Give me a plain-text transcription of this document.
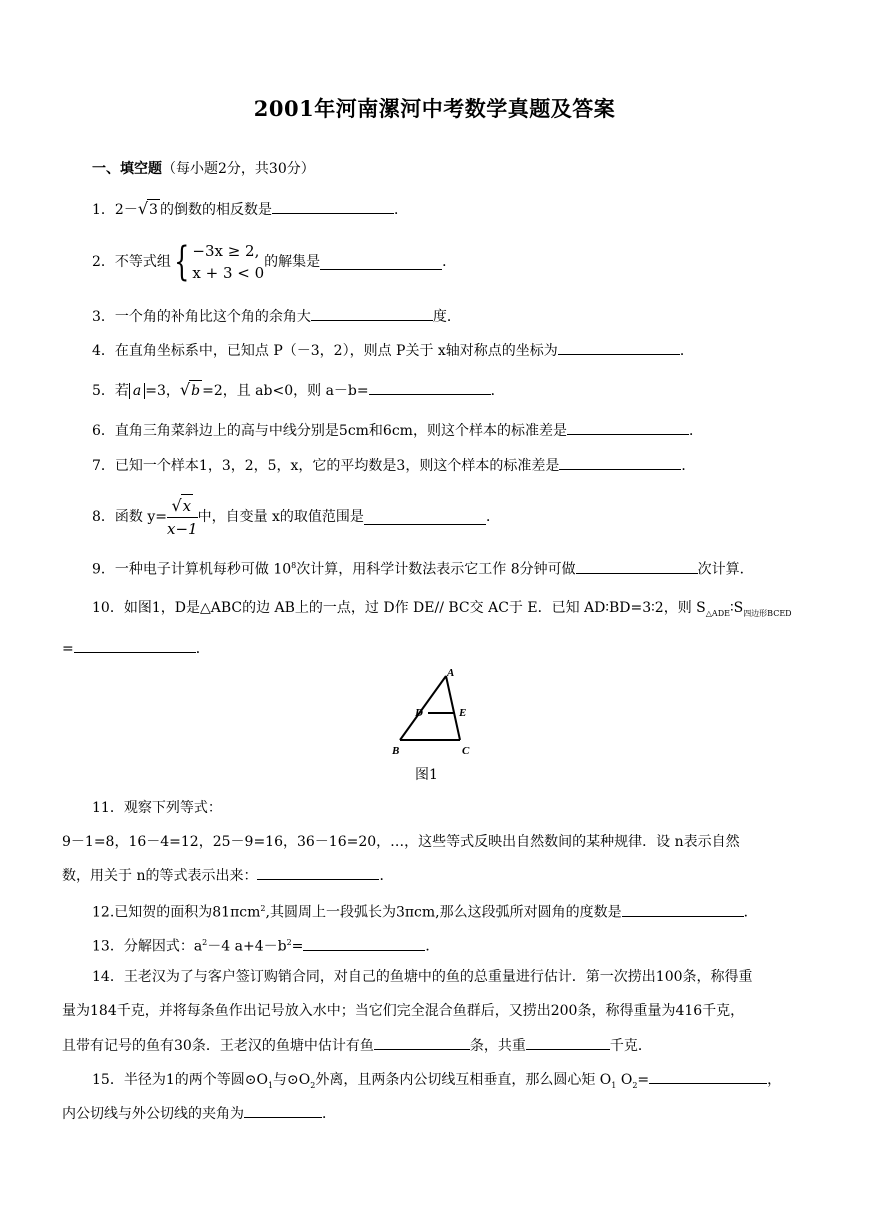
2001年河南漯河中考数学真题及答案
一、填空题（每小题2分，共30分）
1．2－√3 的倒数的相反数是	．
2．不等式组{ −3x ≥ 2,
x + 3 < 0
的解集是	．
3．一个角的补角比这个角的余角大	度．
4．在直角坐标系中，已知点 P（－3，2），则点 P关于 x轴对称点的坐标为	．
5．若 a =3，√b =2，且 ab<0，则 a－b=	．
6．直角三角菜斜边上的高与中线分别是5cm和6cm，则这个样本的标准差是	．
7．已知一个样本1，3，2，5，x，它的平均数是3，则这个样本的标准差是	．
8．函数 $y= \frac{√x}{x-1}$ 中，自变量 x的取值范围是	．
9．一种电子计算机每秒可做 $10^8$次计算，用科学计数法表示它工作 8分钟可做	次计算．
10．如图1，D是△ABC的边 AB上的一点，过 D作 DE// BC交 AC于 E．已知 AD∶BD=3∶2，则 $S_{\triangle ADE}∶S_{四边形BCED}$
=	．
A
B	C
D	E
图1
11．观察下列等式：
9－1=8，16－4=12，25－9=16，36－16=20，…，这些等式反映出自然数间的某种规律．设 n表示自然
数，用关于 n的等式表示出来：	．
12.已知贺的面积为81πcm$^2$,其圆周上一段弧长为3πcm,那么这段弧所对圆角的度数是	．
13．分解因式：$a^2-4$ $a+4-b^2=$	．
14．王老汉为了与客户签订购销合同，对自己的鱼塘中的鱼的总重量进行估计．第一次捞出100条，称得重
量为184千克，并将每条鱼作出记号放入水中；当它们完全混合鱼群后，又捞出200条，称得重量为416千克，
且带有记号的鱼有30条．王老汉的鱼塘中估计有鱼	条，共重	千克．
15．半径为1的两个等圆$⊙O_1$与$⊙O_2$外离，且两条内公切线互相垂直，那么圆心矩 $O_1$ $O_2=$	，
内公切线与外公切线的夹角为	．
